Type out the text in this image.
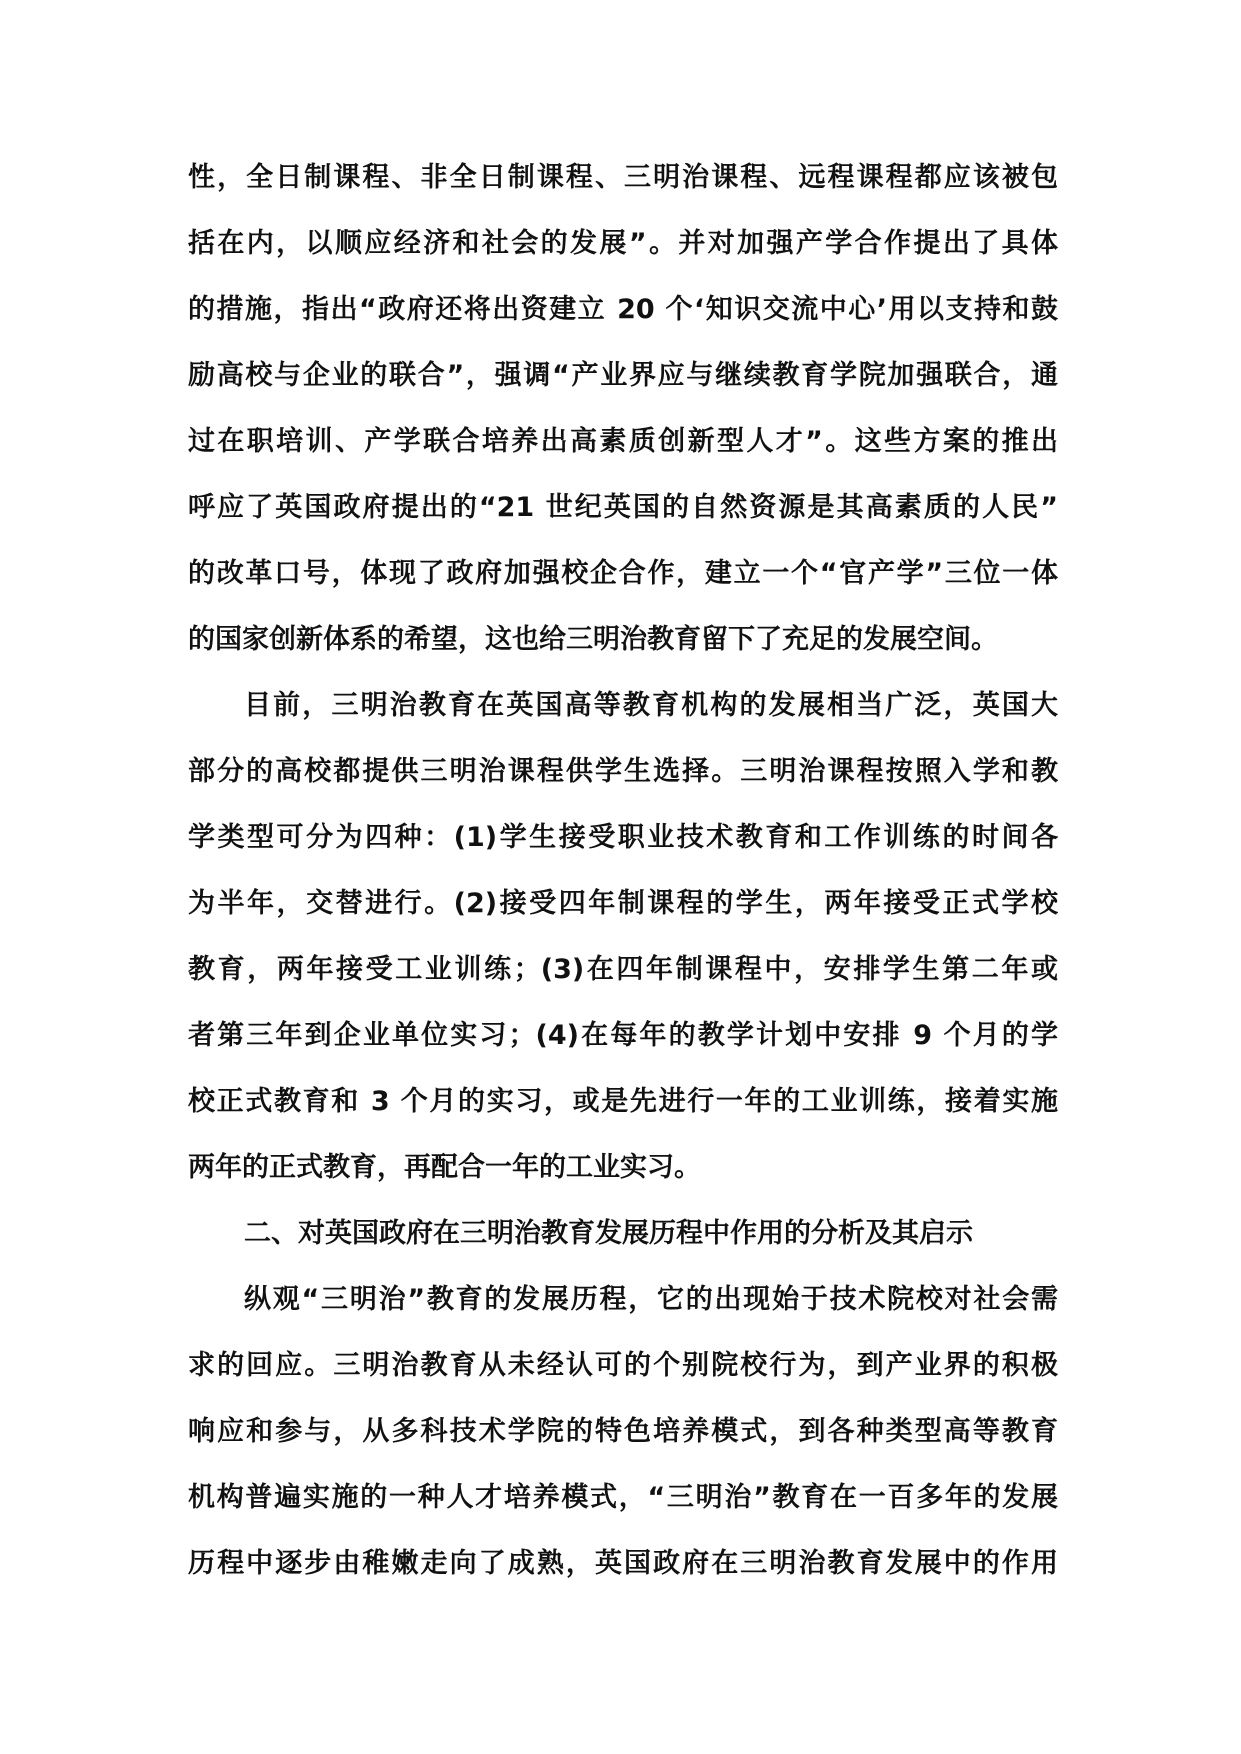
性，全日制课程、非全日制课程、三明治课程、远程课程都应该被包
括在内，以顺应经济和社会的发展”。并对加强产学合作提出了具体
的措施，指出“政府还将出资建立 20 个‘知识交流中心’用以支持和鼓
励高校与企业的联合”，强调“产业界应与继续教育学院加强联合，通
过在职培训、产学联合培养出高素质创新型人才”。这些方案的推出
呼应了英国政府提出的“21 世纪英国的自然资源是其高素质的人民”
的改革口号，体现了政府加强校企合作，建立一个“官产学”三位一体
的国家创新体系的希望，这也给三明治教育留下了充足的发展空间。
目前，三明治教育在英国高等教育机构的发展相当广泛，英国大
部分的高校都提供三明治课程供学生选择。三明治课程按照入学和教
学类型可分为四种：(1)学生接受职业技术教育和工作训练的时间各
为半年，交替进行。(2)接受四年制课程的学生，两年接受正式学校
教育，两年接受工业训练；(3)在四年制课程中，安排学生第二年或
者第三年到企业单位实习；(4)在每年的教学计划中安排 9 个月的学
校正式教育和 3 个月的实习，或是先进行一年的工业训练，接着实施
两年的正式教育，再配合一年的工业实习。
二、对英国政府在三明治教育发展历程中作用的分析及其启示
纵观“三明治”教育的发展历程，它的出现始于技术院校对社会需
求的回应。三明治教育从未经认可的个别院校行为，到产业界的积极
响应和参与，从多科技术学院的特色培养模式，到各种类型高等教育
机构普遍实施的一种人才培养模式，“三明治”教育在一百多年的发展
历程中逐步由稚嫩走向了成熟，英国政府在三明治教育发展中的作用
